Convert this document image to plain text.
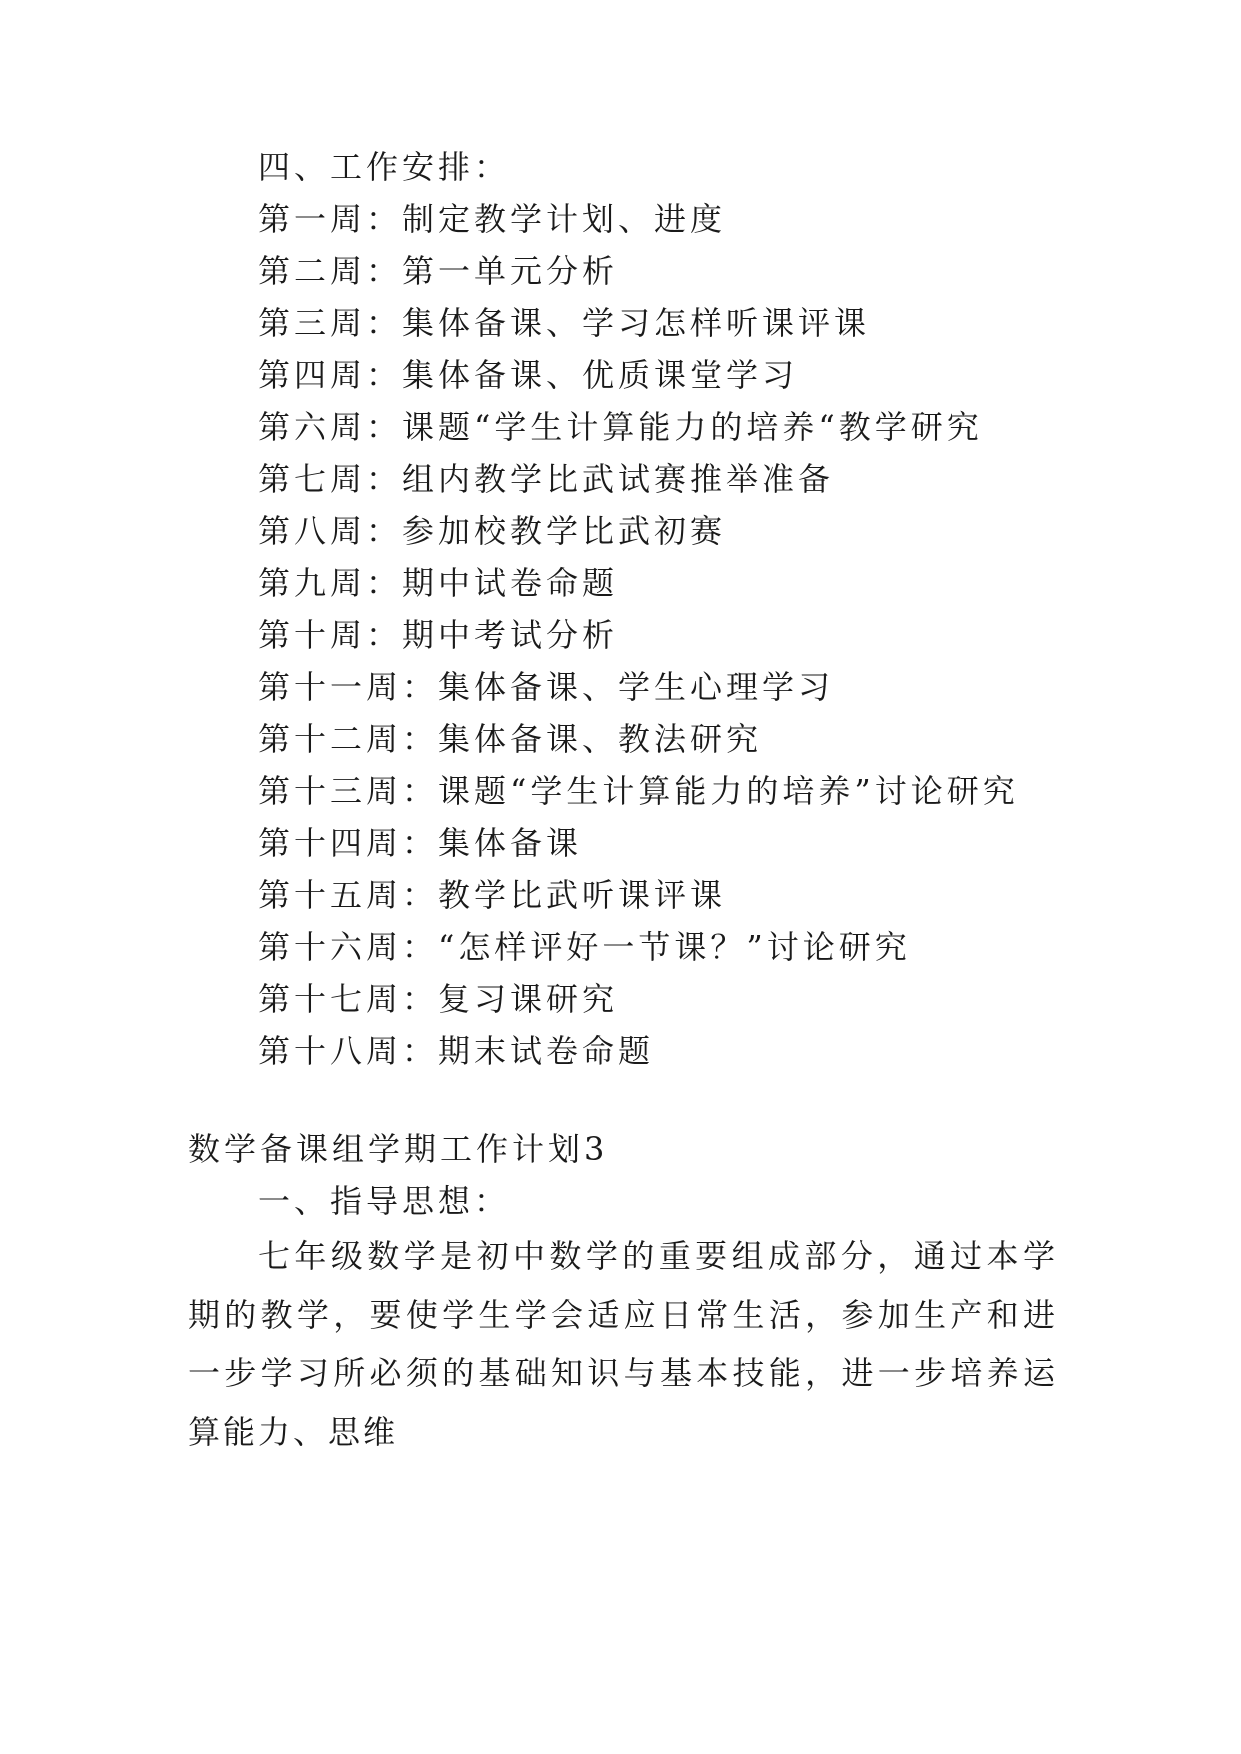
四、工作安排：

第一周：制定教学计划、进度

第二周：第一单元分析

第三周：集体备课、学习怎样听课评课

第四周：集体备课、优质课堂学习

第六周：课题“学生计算能力的培养“教学研究

第七周：组内教学比武试赛推举准备

第八周：参加校教学比武初赛

第九周：期中试卷命题

第十周：期中考试分析

第十一周：集体备课、学生心理学习

第十二周：集体备课、教法研究

第十三周：课题“学生计算能力的培养”讨论研究

第十四周：集体备课

第十五周：教学比武听课评课

第十六周：“怎样评好一节课？”讨论研究

第十七周：复习课研究

第十八周：期末试卷命题

数学备课组学期工作计划3

一、指导思想：

七年级数学是初中数学的重要组成部分，通过本学期的教学，要使学生学会适应日常生活，参加生产和进一步学习所必须的基础知识与基本技能，进一步培养运算能力、思维
